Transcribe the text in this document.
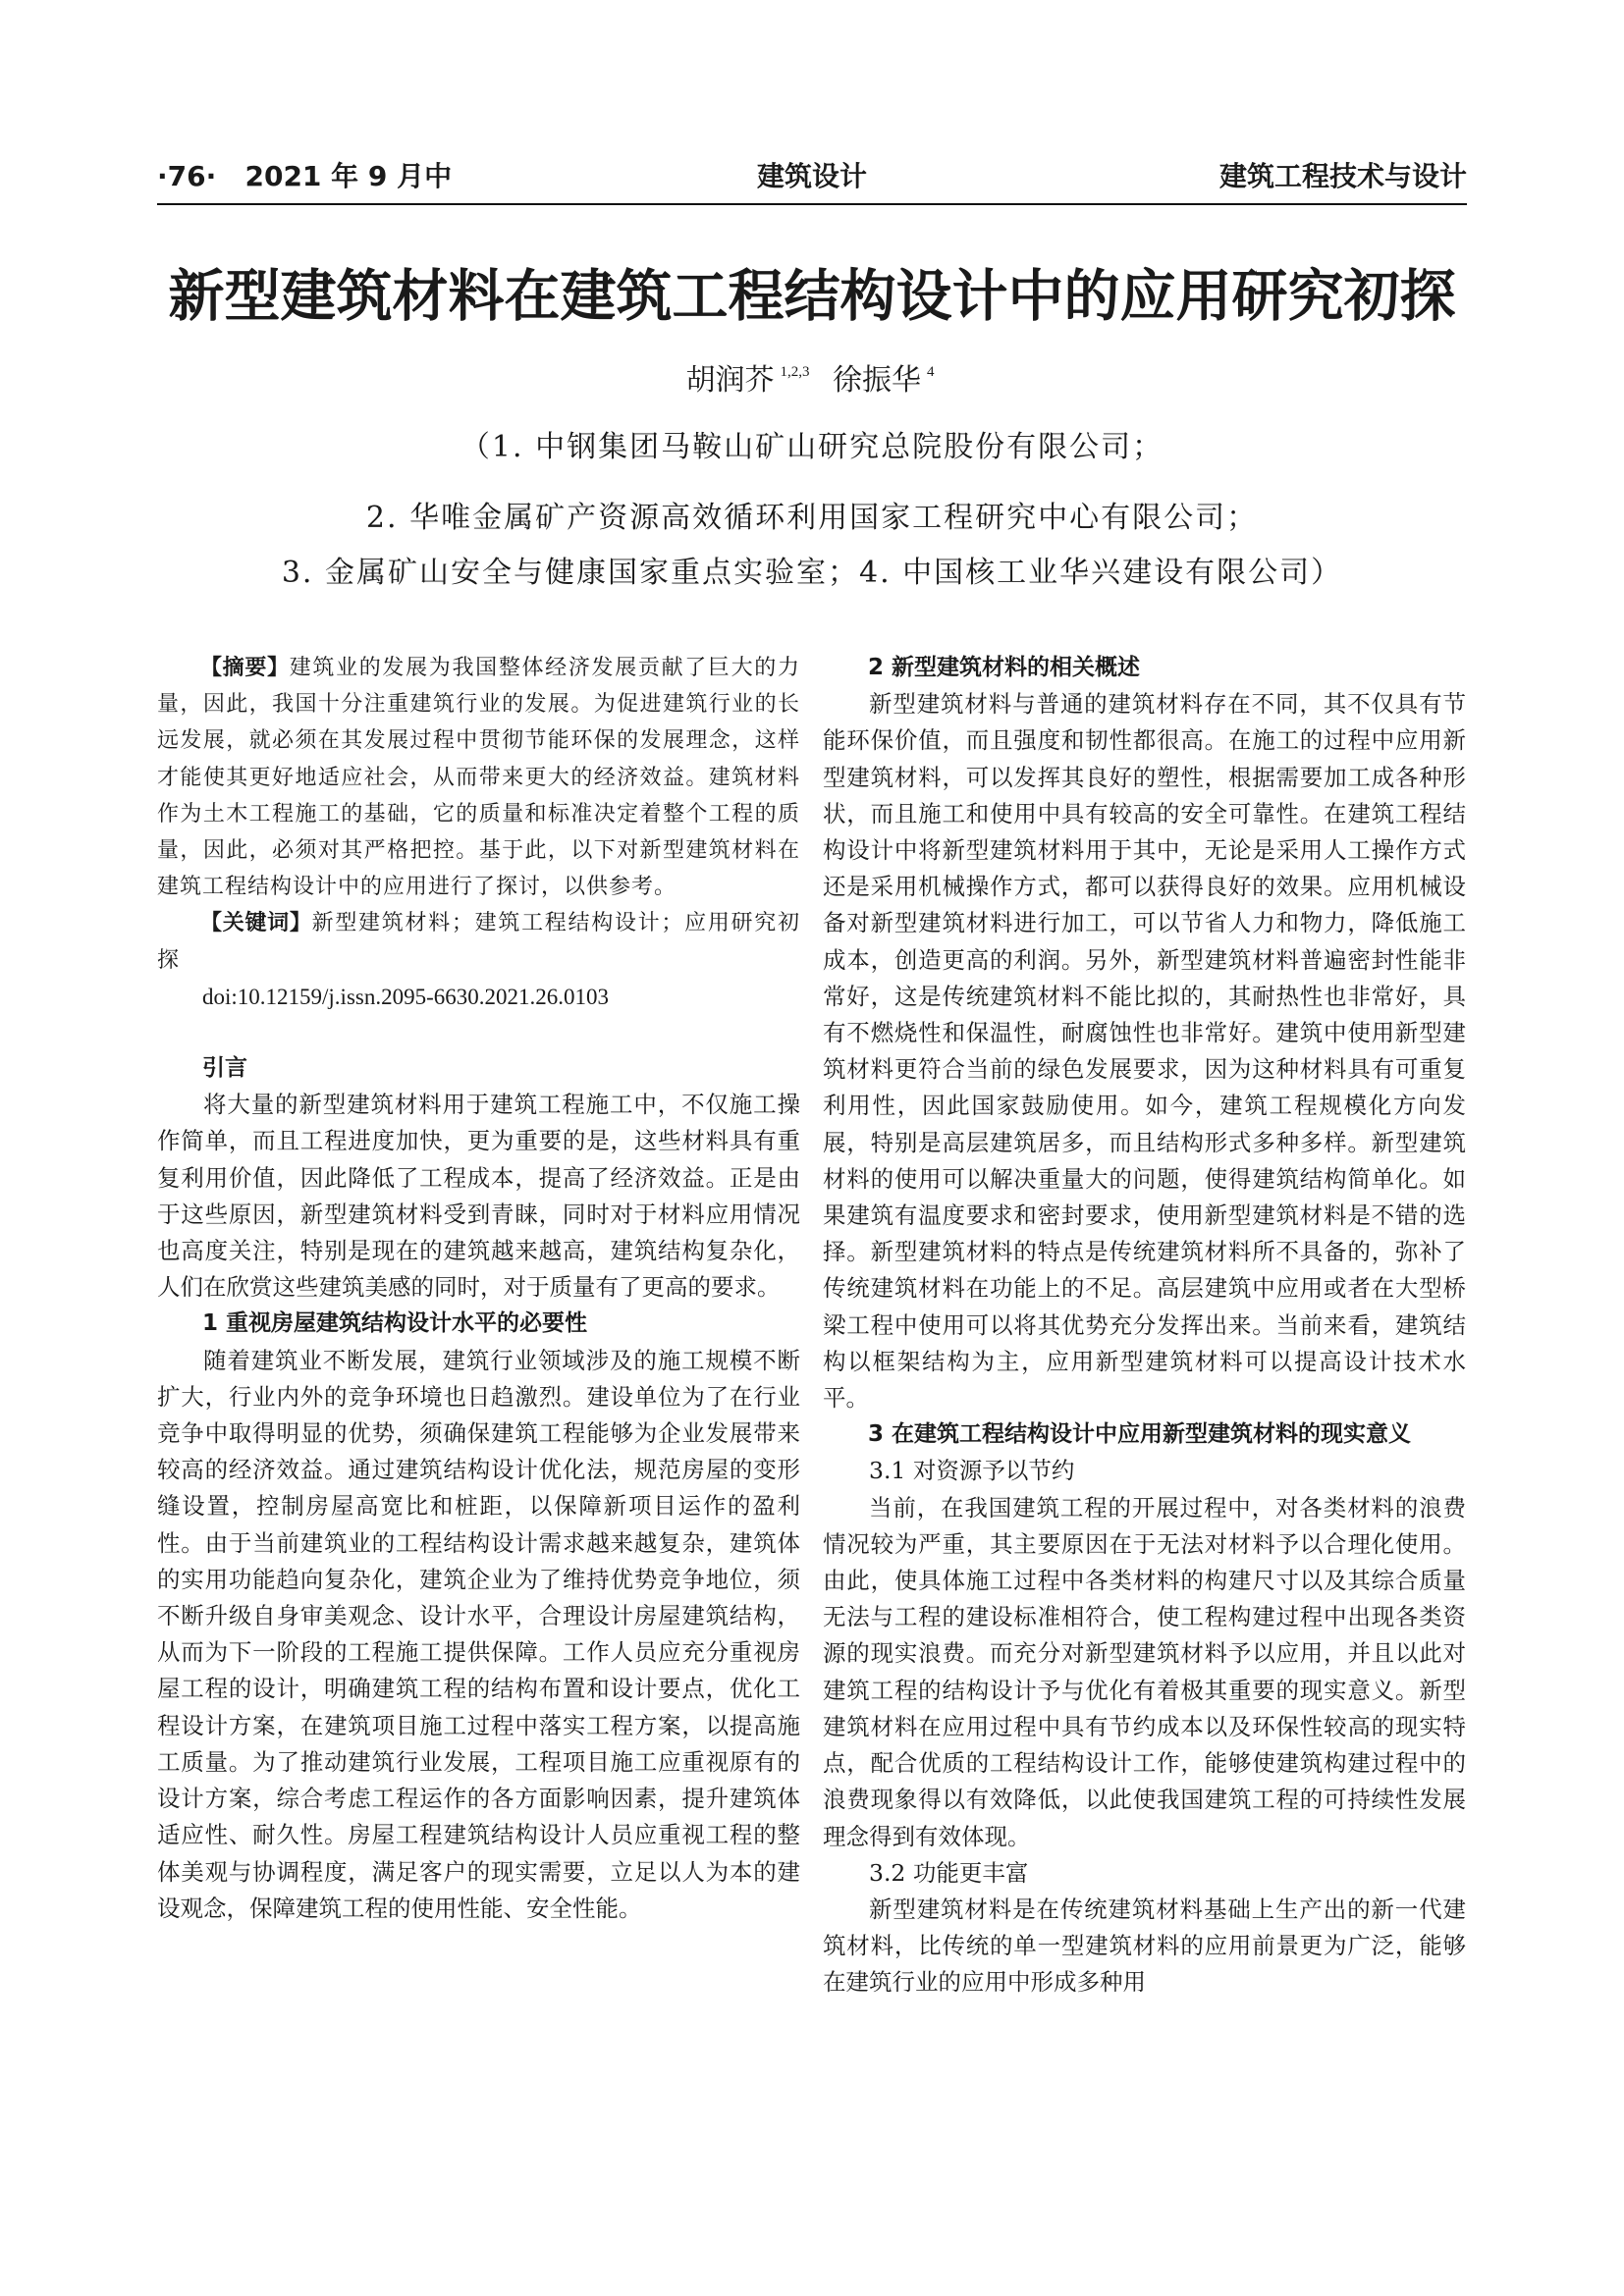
·76·   2021 年 9 月中	建筑设计	建筑工程技术与设计
新型建筑材料在建筑工程结构设计中的应用研究初探
胡润芥 $^{1,2,3}$ 徐振华 $^4$
（1. 中钢集团马鞍山矿山研究总院股份有限公司；
2. 华唯金属矿产资源高效循环利用国家工程研究中心有限公司；
3. 金属矿山安全与健康国家重点实验室；4. 中国核工业华兴建设有限公司）

【摘要】建筑业的发展为我国整体经济发展贡献了巨大的力量，因此，我国十分注重建筑行业的发展。为促进建筑行业的长远发展，就必须在其发展过程中贯彻节能环保的发展理念，这样才能使其更好地适应社会，从而带来更大的经济效益。建筑材料作为土木工程施工的基础，它的质量和标准决定着整个工程的质量，因此，必须对其严格把控。基于此，以下对新型建筑材料在建筑工程结构设计中的应用进行了探讨，以供参考。

【关键词】新型建筑材料；建筑工程结构设计；应用研究初探

doi:10.12159/j.issn.2095-6630.2021.26.0103

引言

将大量的新型建筑材料用于建筑工程施工中，不仅施工操作简单，而且工程进度加快，更为重要的是，这些材料具有重复利用价值，因此降低了工程成本，提高了经济效益。正是由于这些原因，新型建筑材料受到青睐，同时对于材料应用情况也高度关注，特别是现在的建筑越来越高，建筑结构复杂化，人们在欣赏这些建筑美感的同时，对于质量有了更高的要求。

1 重视房屋建筑结构设计水平的必要性

随着建筑业不断发展，建筑行业领域涉及的施工规模不断扩大，行业内外的竞争环境也日趋激烈。建设单位为了在行业竞争中取得明显的优势，须确保建筑工程能够为企业发展带来较高的经济效益。通过建筑结构设计优化法，规范房屋的变形缝设置，控制房屋高宽比和桩距，以保障新项目运作的盈利性。由于当前建筑业的工程结构设计需求越来越复杂，建筑体的实用功能趋向复杂化，建筑企业为了维持优势竞争地位，须不断升级自身审美观念、设计水平，合理设计房屋建筑结构，从而为下一阶段的工程施工提供保障。工作人员应充分重视房屋工程的设计，明确建筑工程的结构布置和设计要点，优化工程设计方案，在建筑项目施工过程中落实工程方案，以提高施工质量。为了推动建筑行业发展，工程项目施工应重视原有的设计方案，综合考虑工程运作的各方面影响因素，提升建筑体适应性、耐久性。房屋工程建筑结构设计人员应重视工程的整体美观与协调程度，满足客户的现实需要，立足以人为本的建设观念，保障建筑工程的使用性能、安全性能。

2 新型建筑材料的相关概述

新型建筑材料与普通的建筑材料存在不同，其不仅具有节能环保价值，而且强度和韧性都很高。在施工的过程中应用新型建筑材料，可以发挥其良好的塑性，根据需要加工成各种形状，而且施工和使用中具有较高的安全可靠性。在建筑工程结构设计中将新型建筑材料用于其中，无论是采用人工操作方式还是采用机械操作方式，都可以获得良好的效果。应用机械设备对新型建筑材料进行加工，可以节省人力和物力，降低施工成本，创造更高的利润。另外，新型建筑材料普遍密封性能非常好，这是传统建筑材料不能比拟的，其耐热性也非常好，具有不燃烧性和保温性，耐腐蚀性也非常好。建筑中使用新型建筑材料更符合当前的绿色发展要求，因为这种材料具有可重复利用性，因此国家鼓励使用。如今，建筑工程规模化方向发展，特别是高层建筑居多，而且结构形式多种多样。新型建筑材料的使用可以解决重量大的问题，使得建筑结构简单化。如果建筑有温度要求和密封要求，使用新型建筑材料是不错的选择。新型建筑材料的特点是传统建筑材料所不具备的，弥补了传统建筑材料在功能上的不足。高层建筑中应用或者在大型桥梁工程中使用可以将其优势充分发挥出来。当前来看，建筑结构以框架结构为主，应用新型建筑材料可以提高设计技术水平。

3 在建筑工程结构设计中应用新型建筑材料的现实意义

3.1 对资源予以节约

当前，在我国建筑工程的开展过程中，对各类材料的浪费情况较为严重，其主要原因在于无法对材料予以合理化使用。由此，使具体施工过程中各类材料的构建尺寸以及其综合质量无法与工程的建设标准相符合，使工程构建过程中出现各类资源的现实浪费。而充分对新型建筑材料予以应用，并且以此对建筑工程的结构设计予与优化有着极其重要的现实意义。新型建筑材料在应用过程中具有节约成本以及环保性较高的现实特点，配合优质的工程结构设计工作，能够使建筑构建过程中的浪费现象得以有效降低，以此使我国建筑工程的可持续性发展理念得到有效体现。

3.2 功能更丰富

新型建筑材料是在传统建筑材料基础上生产出的新一代建筑材料，比传统的单一型建筑材料的应用前景更为广泛，能够在建筑行业的应用中形成多种用
